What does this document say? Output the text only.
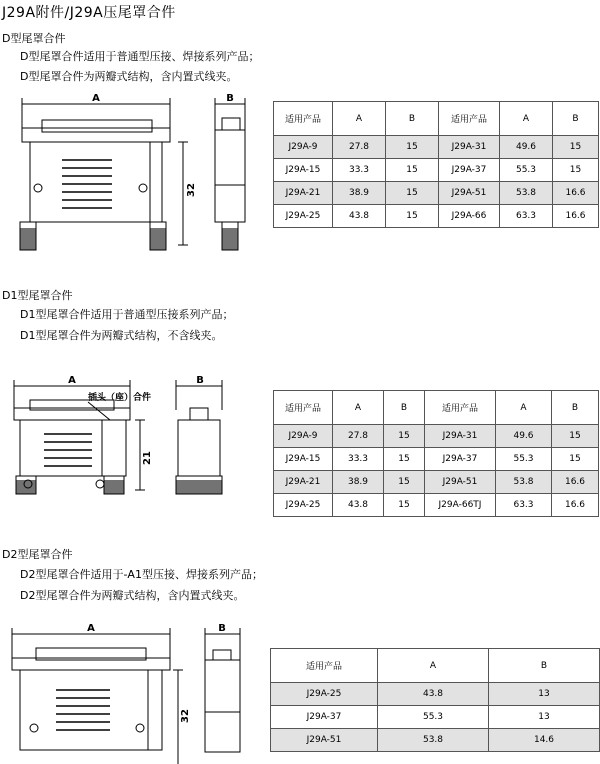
J29A附件/J29A压尾罩合件
D型尾罩合件
D型尾罩合件适用于普通型压接、焊接系列产品；
D型尾罩合件为两瓣式结构，含内置式线夹。
A	B
32
适用产品	A	B	适用产品	A	B
J29A-9	27.8	15	J29A-31	49.6	15
J29A-15	33.3	15	J29A-37	55.3	15
J29A-21	38.9	15	J29A-51	53.8	16.6
J29A-25	43.8	15	J29A-66	63.3	16.6
D1型尾罩合件
D1型尾罩合件适用于普通型压接系列产品；
D1型尾罩合件为两瓣式结构，不含线夹。
A	B
插头（座）合件
21
适用产品	A	B	适用产品	A	B
J29A-9	27.8	15	J29A-31	49.6	15
J29A-15	33.3	15	J29A-37	55.3	15
J29A-21	38.9	15	J29A-51	53.8	16.6
J29A-25	43.8	15	J29A-66TJ	63.3	16.6
D2型尾罩合件
D2型尾罩合件适用于-A1型压接、焊接系列产品；
D2型尾罩合件为两瓣式结构，含内置式线夹。
A	B
32
适用产品	A	B
J29A-25	43.8	13
J29A-37	55.3	13
J29A-51	53.8	14.6
